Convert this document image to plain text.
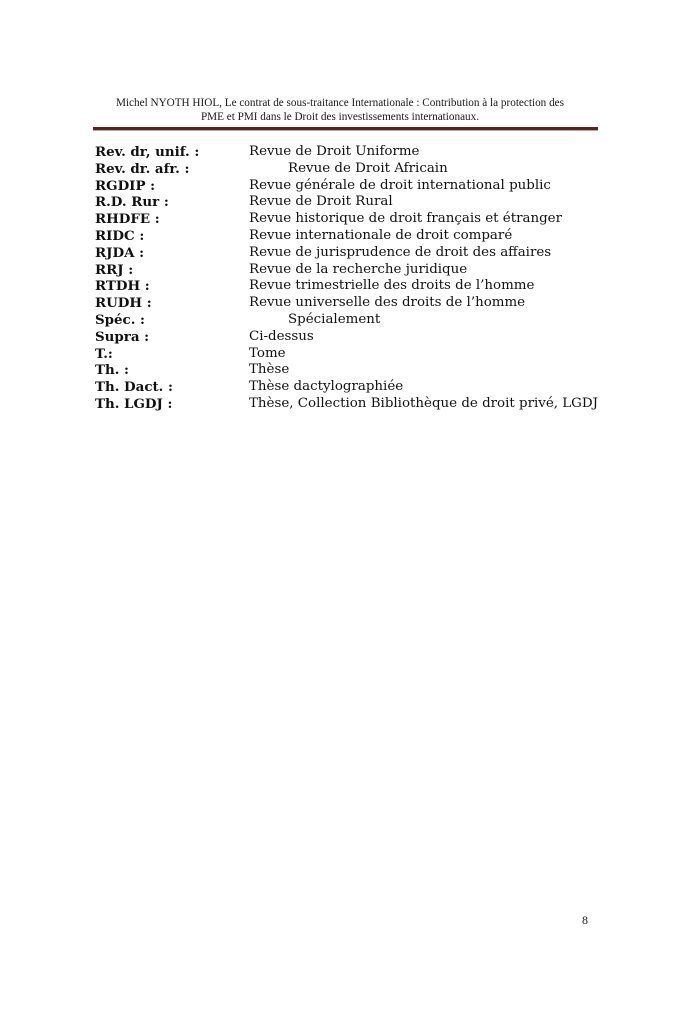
Michel NYOTH HIOL, Le contrat de sous-traitance Internationale : Contribution à la protection des
PME et PMI dans le Droit des investissements internationaux.
Rev. dr, unif. :	Revue de Droit Uniforme
Rev. dr. afr. :	Revue de Droit Africain
RGDIP :	Revue générale de droit international public
R.D. Rur :	Revue de Droit Rural
RHDFE :	Revue historique de droit français et étranger
RIDC :	Revue internationale de droit comparé
RJDA :	Revue de jurisprudence de droit des affaires
RRJ :	Revue de la recherche juridique
RTDH :	Revue trimestrielle des droits de l’homme
RUDH :	Revue universelle des droits de l’homme
Spéc. :	Spécialement
Supra :	Ci-dessus
T.:	Tome
Th. :	Thèse
Th. Dact. :	Thèse dactylographiée
Th. LGDJ :	Thèse, Collection Bibliothèque de droit privé, LGDJ
8
